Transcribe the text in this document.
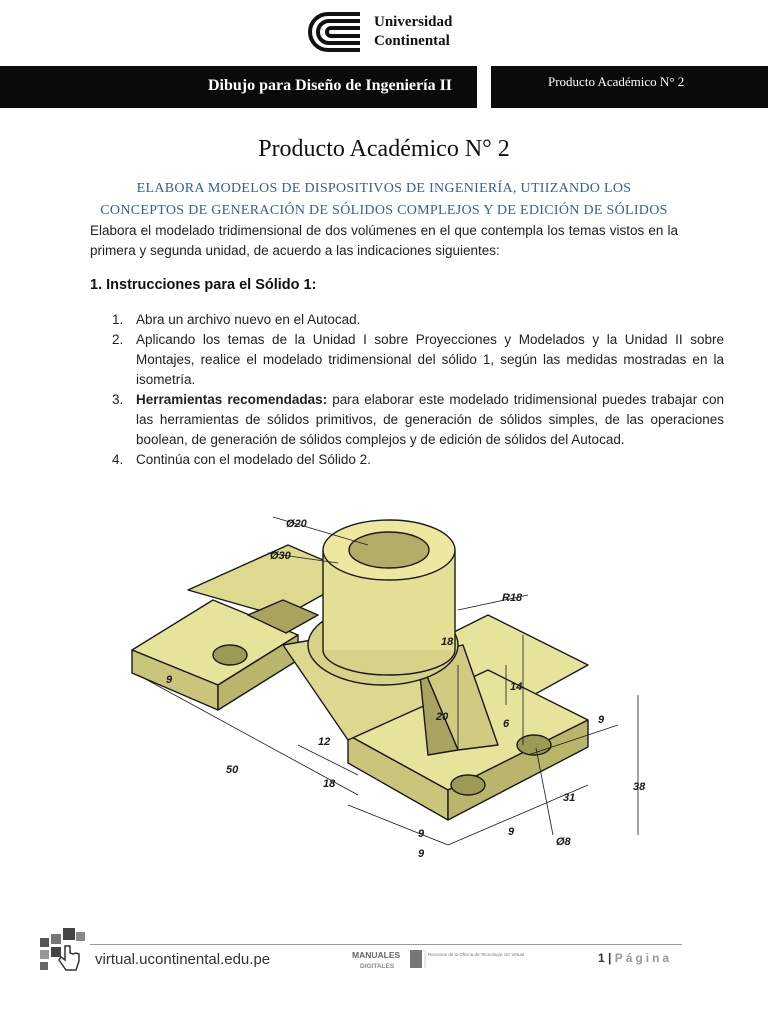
Universidad
Continental
Dibujo para Diseño de Ingeniería II	Producto Académico N° 2
Producto Académico N° 2
ELABORA MODELOS DE DISPOSITIVOS DE INGENIERÍA, UTIIZANDO LOS
CONCEPTOS DE GENERACIÓN DE SÓLIDOS COMPLEJOS Y DE EDICIÓN DE SÓLIDOS
Elabora el modelado tridimensional de dos volúmenes en el que contempla los temas vistos en la primera y segunda unidad, de acuerdo a las indicaciones siguientes:
1. Instrucciones para el Sólido 1:
1. Abra un archivo nuevo en el Autocad.
2. Aplicando los temas de la Unidad I sobre Proyecciones y Modelados y la Unidad II sobre Montajes, realice el modelado tridimensional del sólido 1, según las medidas mostradas en la isometría.
3. Herramientas recomendadas: para elaborar este modelado tridimensional puedes trabajar con las herramientas de sólidos primitivos, de generación de sólidos simples, de las operaciones boolean, de generación de sólidos complejos y de edición de sólidos del Autocad.
4. Continúa con el modelado del Sólido 2.
Ø20
Ø30
R18
18
14
20
6
9
9
12
50
18
31
38
9	9
9
Ø8
virtual.ucontinental.edu.pe	MANUALES
DIGITALES
Recursos de la Oficina de Tecnología UC Virtual	1 | Página
